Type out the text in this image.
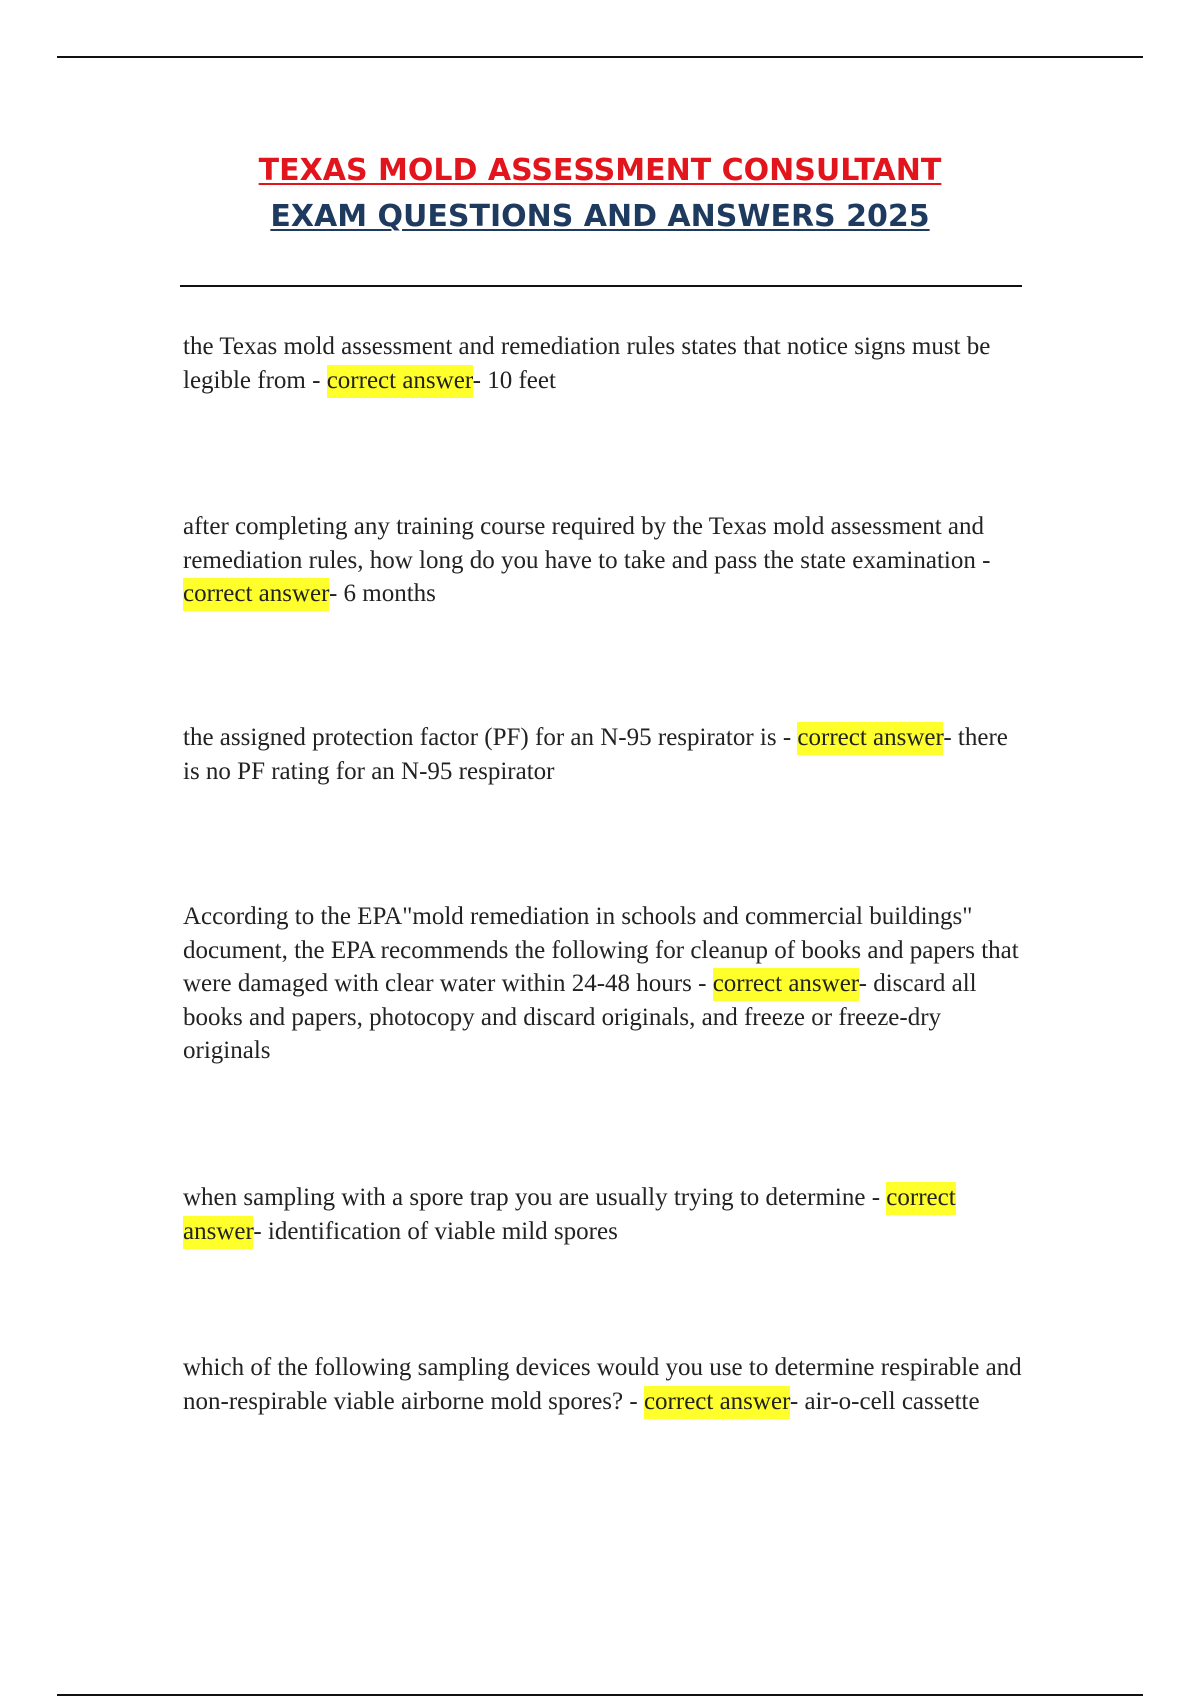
TEXAS MOLD ASSESSMENT CONSULTANT
EXAM QUESTIONS AND ANSWERS 2025
the Texas mold assessment and remediation rules states that notice signs must be legible from - correct answer- 10 feet
after completing any training course required by the Texas mold assessment and remediation rules, how long do you have to take and pass the state examination - correct answer- 6 months
the assigned protection factor (PF) for an N-95 respirator is - correct answer- there is no PF rating for an N-95 respirator
According to the EPA"mold remediation in schools and commercial buildings" document, the EPA recommends the following for cleanup of books and papers that were damaged with clear water within 24-48 hours - correct answer- discard all books and papers, photocopy and discard originals, and freeze or freeze-dry originals
when sampling with a spore trap you are usually trying to determine - correct answer- identification of viable mild spores
which of the following sampling devices would you use to determine respirable and non-respirable viable airborne mold spores? - correct answer- air-o-cell cassette
